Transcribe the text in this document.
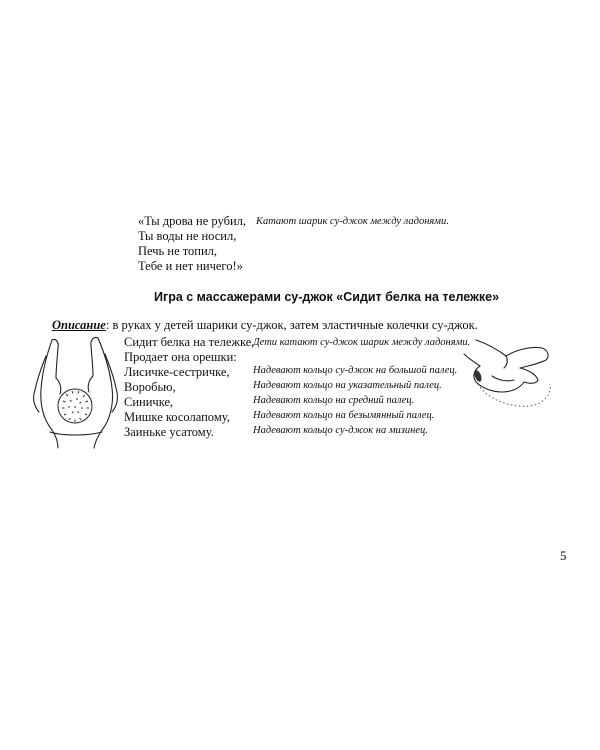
«Ты дрова не рубил,
Ты воды не носил,
Печь не топил,
Тебе и нет ничего!»
Катают шарик су-джок между ладонями.
Игра с массажерами су-джок «Сидит белка на тележке»
Описание: в руках у детей шарики су-джок, затем эластичные колечки су-джок.
Сидит белка на тележке,
Продает она орешки:
Лисичке-сестричке,
Воробью,
Синичке,
Мишке косолапому,
Заиньке усатому.
Дети катают су-джок шарик между ладонями.
Надевают кольцо су-джок на большой палец.
Надевают кольцо на указательный палец.
Надевают кольцо на средний палец.
Надевают кольцо на безымянный палец.
Надевают кольцо су-джок на мизинец.
5
